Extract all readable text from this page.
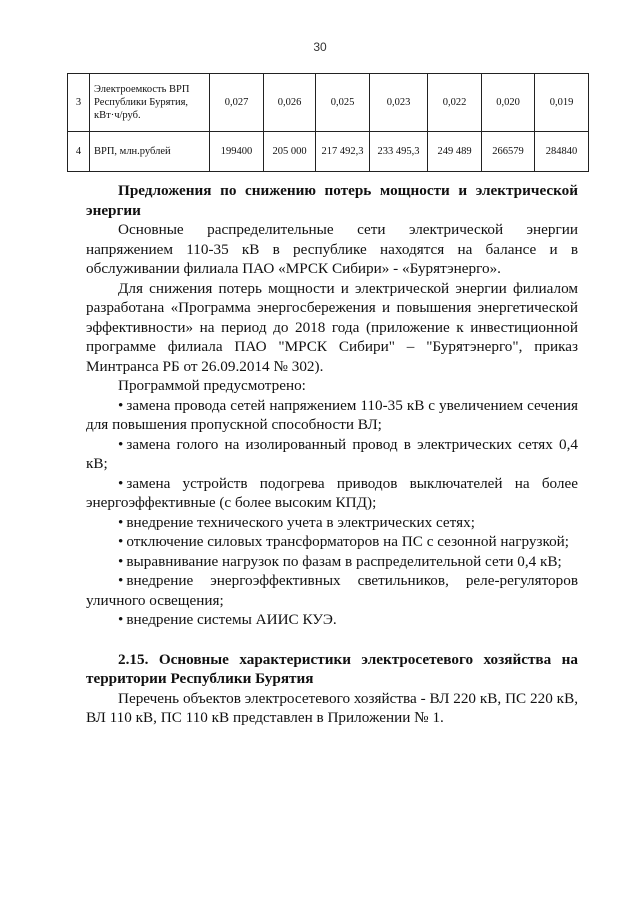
30
3	Электроемкость ВРП Республики Бурятия, кВт·ч/руб.	0,027	0,026	0,025	0,023	0,022	0,020	0,019
4	ВРП, млн.рублей	199400	205 000	217 492,3	233 495,3	249 489	266579	284840

Предложения по снижению потерь мощности и электрической энергии

Основные распределительные сети электрической энергии напряжением 110-35 кВ в республике находятся на балансе и в обслуживании филиала ПАО «МРСК Сибири» - «Бурятэнерго».

Для снижения потерь мощности и электрической энергии филиалом разработана «Программа энергосбережения и повышения энергетической эффективности» на период до 2018 года (приложение к инвестиционной программе филиала ПАО "МРСК Сибири" – "Бурятэнерго", приказ Минтранса РБ от 26.09.2014 № 302).

Программой предусмотрено:

• замена провода сетей напряжением 110-35 кВ с увеличением сечения для повышения пропускной способности ВЛ;

• замена голого на изолированный провод в электрических сетях 0,4 кВ;

• замена устройств подогрева приводов выключателей на более энергоэффективные (с более высоким КПД);

• внедрение технического учета в электрических сетях;

• отключение силовых трансформаторов на ПС с сезонной нагрузкой;

• выравнивание нагрузок по фазам в распределительной сети 0,4 кВ;

• внедрение энергоэффективных светильников, реле-регуляторов уличного освещения;

• внедрение системы АИИС КУЭ.

2.15. Основные характеристики электросетевого хозяйства на территории Республики Бурятия

Перечень объектов электросетевого хозяйства - ВЛ 220 кВ, ПС 220 кВ, ВЛ 110 кВ, ПС 110 кВ представлен в Приложении № 1.
